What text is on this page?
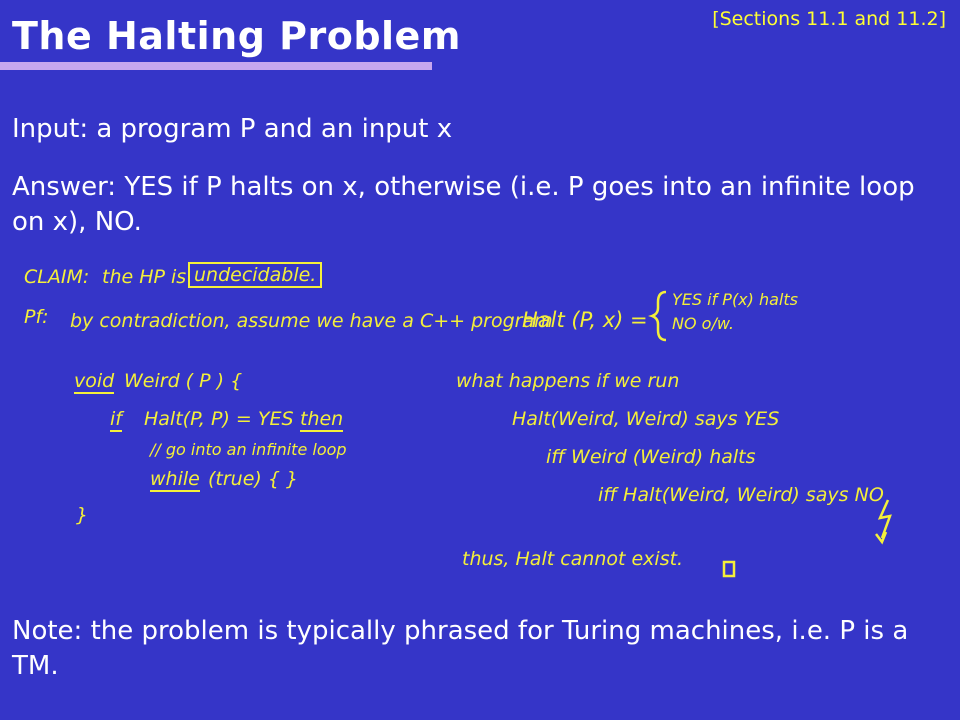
The Halting Problem	[Sections 11.1 and 11.2]
Input: a program P and an input x
Answer: YES if P halts on x, otherwise (i.e. P goes into an infinite loop on x), NO.
CLAIM: the HP is undecidable.
Pf: by contradiction, assume we have a C++ program
Halt (P, x) =
YES if P(x) halts
NO o/w.
void Weird ( P ) {
if Halt(P, P) = YES then
// go into an infinite loop
while (true) { }
}
what happens if we run
Halt(Weird, Weird) says YES
iff Weird (Weird) halts
iff Halt(Weird, Weird) says NO
thus, Halt cannot exist.
Note: the problem is typically phrased for Turing machines, i.e. P is a TM.
